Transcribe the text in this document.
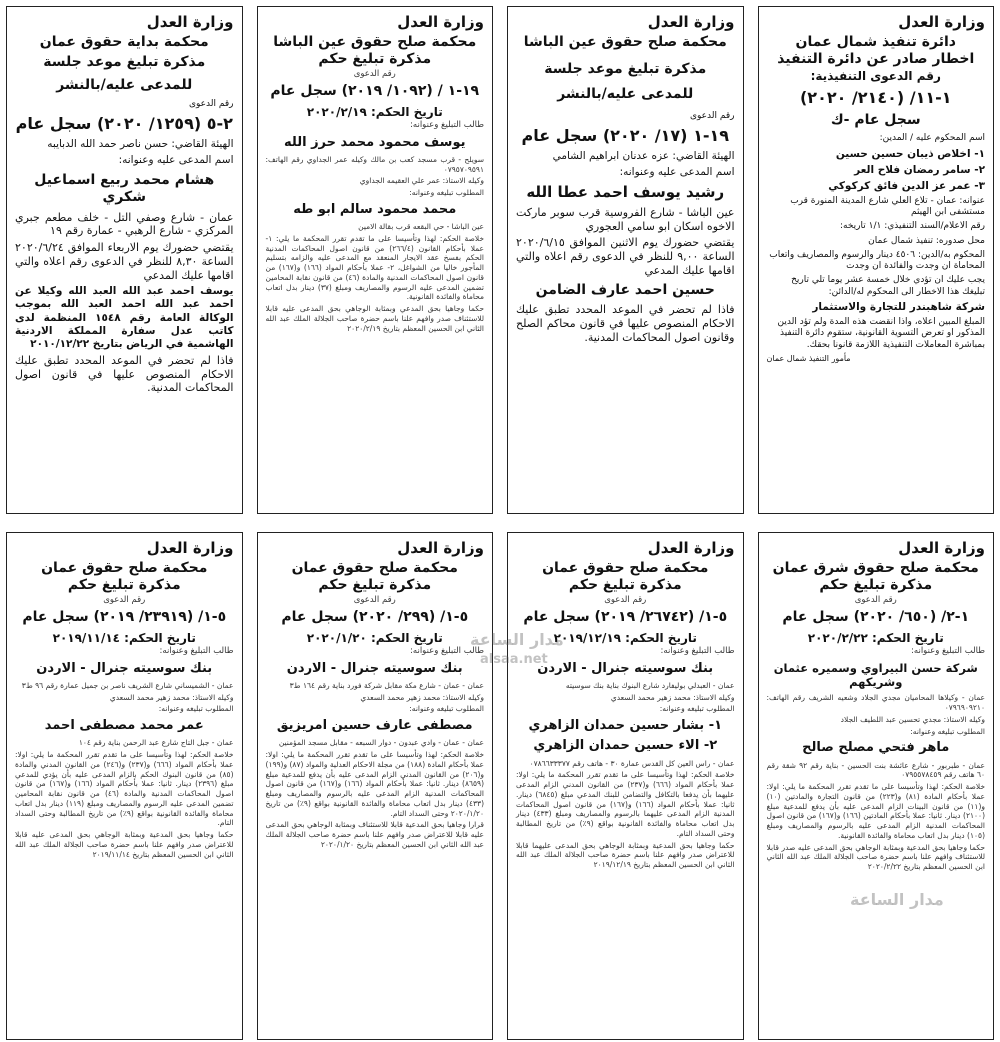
وزارة العدل
دائرة تنفيذ شمال عمان
اخطار صادر عن دائرة التنفيذ
رقم الدعوى التنفيذية:
١-١١/ (٢١٤٠/ ٢٠٢٠)
سجل عام -ك
اسم المحكوم عليه / المدين:
١- اخلاص ذيبان حسين حسين
٢- سامر رمضان فلاح العر
٣- عمر عز الدين فائق كركوكي
عنوانه: عمان - تلاع العلي شارع المدينة المنورة قرب مستشفى ابن الهيثم
رقم الاعلام/السند التنفيذي: ١/١ تاريخه:
محل صدوره: تنفيذ شمال عمان
المحكوم به/الدين: ٤٥٠٦ دينار والرسوم والمصاريف واتعاب المحاماة ان وجدت والفائدة ان وجدت
يجب عليك ان تؤدي خلال خمسة عشر يوما تلي تاريخ تبليغك هذا الاخطار الى المحكوم له/الدائن:
شركة شاهبندر للتجارة والاستثمار
المبلغ المبين اعلاه، واذا انقضت هذه المدة ولم تؤد الدين المذكور او تعرض التسوية القانونية، ستقوم دائرة التنفيذ بمباشرة المعاملات التنفيذية اللازمة قانونا بحقك.
مأمور التنفيذ شمال عمان
وزارة العدل
محكمة صلح حقوق عين الباشا
مذكرة تبليغ موعد جلسة للمدعى عليه/بالنشر
رقم الدعوى
١٩-١ (١٧/ ٢٠٢٠) سجل عام
الهيئة القاضي: عزه عدنان ابراهيم الشامي
اسم المدعى عليه وعنوانه:
رشيد يوسف احمد عطا الله
عين الباشا - شارع الفروسية قرب سوبر ماركت الاخوه اسكان ابو سامي العجوري
يقتضي حضورك يوم الاثنين الموافق ٢٠٢٠/٦/١٥ الساعة ٩,٠٠ للنظر في الدعوى رقم اعلاه والتي اقامها عليك المدعي
حسين احمد عارف الضامن
فاذا لم تحضر في الموعد المحدد تطبق عليك الاحكام المنصوص عليها في قانون محاكم الصلح وقانون اصول المحاكمات المدنية.
وزارة العدل
محكمة صلح حقوق عين الباشا
مذكرة تبليغ حكم
رقم الدعوى
١٩-١ / (١٠٩٢/ ٢٠١٩) سجل عام
تاريخ الحكم: ٢٠٢٠/٢/١٩
طالب التبليغ وعنوانه:
يوسف محمود محمد حرز الله
سويلح - قرب مسجد كعب بن مالك وكيله عمر الجداوي رقم الهاتف: ٠٧٩٥٧٠٩٥٩١
وكيله الاستاذ: عمر علي العقيمه الجداوي
المطلوب تبليغه وعنوانه:
محمد محمود سالم ابو طه
عين الباشا - حي البقعه قرب بقالة الامين
خلاصة الحكم: لهذا وتأسيسا على ما تقدم تقرر المحكمة ما يلي: ١- عملا بأحكام القانون (٢٦٦/٤) من قانون اصول المحاكمات المدنية الحكم بفسخ عقد الايجار المنعقد مع المدعى عليه والزامه بتسليم المأجور خاليا من الشواغل، ٢- عملا بأحكام المواد (١٦٦) و(١٦٧) من قانون اصول المحاكمات المدنية والمادة (٤٦) من قانون نقابة المحامين تضمين المدعى عليه الرسوم والمصاريف ومبلغ (٣٧) دينار بدل اتعاب محاماة والفائدة القانونية.
حكما وجاهيا بحق المدعي وبمثابة الوجاهي بحق المدعى عليه قابلا للاستئناف صدر وافهم علنا باسم حضرة صاحب الجلالة الملك عبد الله الثاني ابن الحسين المعظم بتاريخ ٢٠٢٠/٢/١٩
وزارة العدل
محكمة بداية حقوق عمان
مذكرة تبليغ موعد جلسة للمدعى عليه/بالنشر
رقم الدعوى
٢-٥ (١٢٥٩/ ٢٠٢٠) سجل عام
الهيئة القاضي: حسن ناصر حمد الله الدبايبه
اسم المدعى عليه وعنوانه:
هشام محمد ربيع اسماعيل شكري
عمان - شارع وصفي التل - خلف مطعم جبري المركزي - شارع الرهبي - عمارة رقم ١٩
يقتضي حضورك يوم الاربعاء الموافق ٢٠٢٠/٦/٢٤ الساعة ٨,٣٠ للنظر في الدعوى رقم اعلاه والتي اقامها عليك المدعي
يوسف احمد عبد الله العبد الله وكيلا عن احمد عبد الله احمد العبد الله بموجب الوكالة العامة رقم ١٥٤٨ المنظمة لدى كاتب عدل سفارة المملكة الاردنية الهاشمية في الرياض بتاريخ ٢٠١٠/١٢/٢٢
فاذا لم تحضر في الموعد المحدد تطبق عليك الاحكام المنصوص عليها في قانون اصول المحاكمات المدنية.
وزارة العدل
محكمة صلح حقوق شرق عمان
مذكرة تبليغ حكم
رقم الدعوى
١-٢/ (٦٥٠/ ٢٠٢٠) سجل عام
تاريخ الحكم: ٢٠٢٠/٢/٢٢
طالب التبليغ وعنوانه:
شركة حسن البيراوي وسميره عثمان وشريكهم
عمان - وكيلاها المحاميان مجدي الجلاد وشعيه الشريف رقم الهاتف: ٠٧٩٦٩٠٩٢١٠
وكيله الاستاذ: مجدي تحسين عبد اللطيف الجلاد
المطلوب تبليغه وعنوانه:
ماهر فتحي مصلح صالح
عمان - طبربور - شارع عائشة بنت الحسين - بناية رقم ٩٢ شقة رقم ٦٠ هاتف رقم ٠٧٩٥٥٧٨٤٥٩
خلاصة الحكم: لهذا وتأسيسا على ما تقدم تقرر المحكمة ما يلي: اولا: عملا بأحكام المادة (٨١) و(٢٢٣) من قانون التجارة والمادتين (١٠) و(١١) من قانون البينات الزام المدعى عليه بأن يدفع للمدعية مبلغ (٢١٠٠) دينار. ثانيا: عملا بأحكام المادتين (١٦٦) و(١٦٧) من قانون اصول المحاكمات المدنية الزام المدعى عليه بالرسوم والمصاريف ومبلغ (١٠٥) دينار بدل اتعاب محاماة والفائدة القانونية.
حكما وجاهيا بحق المدعية وبمثابة الوجاهي بحق المدعى عليه صدر قابلا للاستئناف وافهم علنا باسم حضرة صاحب الجلالة الملك عبد الله الثاني ابن الحسين المعظم بتاريخ ٢٠٢٠/٢/٢٢
وزارة العدل
محكمة صلح حقوق عمان
مذكرة تبليغ حكم
رقم الدعوى
٥-١/ (٢٦٧٤٢/ ٢٠١٩) سجل عام
تاريخ الحكم: ٢٠١٩/١٢/١٩
طالب التبليغ وعنوانه:
بنك سوسيته جنرال - الاردن
عمان - العبدلي بوليفارد شارع البنوك بناية بنك سوسيته
وكيله الاستاذ: محمد زهير محمد السعدي
المطلوب تبليغه وعنوانه:
١- بشار حسين حمدان الزاهري
٢- الاء حسين حمدان الزاهري
عمان - راس العين كل القدس عمارة ٣٠ - هاتف رقم ٠٧٨٦٦٣٣٣٧٧
خلاصة الحكم: لهذا وتأسيسا على ما تقدم تقرر المحكمة ما يلي: اولا: عملا بأحكام المواد (٦٦٦) و(٢٣٧) من القانون المدني الزام المدعى عليهما بأن يدفعا بالتكافل والتضامن للبنك المدعي مبلغ (٦٨٤٥) دينار. ثانيا: عملا بأحكام المواد (١٦٦) و(١٦٧) من قانون اصول المحاكمات المدنية الزام المدعى عليهما بالرسوم والمصاريف ومبلغ (٤٣٣) دينار بدل اتعاب محاماة والفائدة القانونية بواقع (٩٪) من تاريخ المطالبة وحتى السداد التام.
حكما وجاهيا بحق المدعية وبمثابة الوجاهي بحق المدعى عليهما قابلا للاعتراض صدر وافهم علنا باسم حضرة صاحب الجلالة الملك عبد الله الثاني ابن الحسين المعظم بتاريخ ٢٠١٩/١٢/١٩
وزارة العدل
محكمة صلح حقوق عمان
مذكرة تبليغ حكم
رقم الدعوى
٥-١/ (٢٩٩/ ٢٠٢٠) سجل عام
تاريخ الحكم: ٢٠٢٠/١/٢٠
طالب التبليغ وعنوانه:
بنك سوسيته جنرال - الاردن
عمان - عمان - شارع مكة مقابل شركة فورد بناية رقم ١٦٤ ط٣
وكيله الاستاذ: محمد زهير محمد السعدي
المطلوب تبليغه وعنوانه:
مصطفى عارف حسين امريزيق
عمان - عمان - وادي عبدون - دوار السبعه - مقابل مسجد المؤمنين
خلاصة الحكم: لهذا وتأسيسا على ما تقدم تقرر المحكمة ما يلي: اولا: عملا بأحكام المادة (١٨٨) من مجلة الاحكام العدلية والمواد (٨٧) و(١٩٩) و(٢٠٦) من القانون المدني الزام المدعى عليه بأن يدفع للمدعية مبلغ (٨٦٥٩) دينار. ثانيا: عملا بأحكام المواد (١٦٦) و(١٦٧) من قانون اصول المحاكمات المدنية الزام المدعى عليه بالرسوم والمصاريف ومبلغ (٤٣٣) دينار بدل اتعاب محاماة والفائدة القانونية بواقع (٩٪) من تاريخ ٢٠٢٠/١/٢٠ وحتى السداد التام.
قرارا وجاهيا بحق المدعية قابلا للاستئناف وبمثابة الوجاهي بحق المدعى عليه قابلا للاعتراض صدر وافهم علنا باسم حضرة صاحب الجلالة الملك عبد الله الثاني ابن الحسين المعظم بتاريخ ٢٠٢٠/١/٢٠
وزارة العدل
محكمة صلح حقوق عمان
مذكرة تبليغ حكم
رقم الدعوى
٥-١/ (٢٣٩١٩/ ٢٠١٩) سجل عام
تاريخ الحكم: ٢٠١٩/١١/١٤
طالب التبليغ وعنوانه:
بنك سوسيته جنرال - الاردن
عمان - الشميساني شارع الشريف ناصر بن جميل عمارة رقم ٩٦ ط٣
وكيله الاستاذ: محمد زهير محمد السعدي
المطلوب تبليغه وعنوانه:
عمر محمد مصطفى احمد
عمان - جبل التاج شارع عبد الرحمن بناية رقم ١٠٤
خلاصة الحكم: لهذا وتأسيسا على ما تقدم تقرر المحكمة ما يلي: اولا: عملا بأحكام المواد (٦٦٦) و(٢٣٧) و(٢٤٦) من القانون المدني والمادة (٨٥) من قانون البنوك الحكم بالزام المدعى عليه بأن يؤدي للمدعي مبلغ (٢٣٩٦) دينار. ثانيا: عملا بأحكام المواد (١٦٦) و(١٦٧) من قانون اصول المحاكمات المدنية والمادة (٤٦) من قانون نقابة المحامين تضمين المدعى عليه الرسوم والمصاريف ومبلغ (١١٩) دينار بدل اتعاب محاماة والفائدة القانونية بواقع (٩٪) من تاريخ المطالبة وحتى السداد التام.
حكما وجاهيا بحق المدعية وبمثابة الوجاهي بحق المدعى عليه قابلا للاعتراض صدر وافهم علنا باسم حضرة صاحب الجلالة الملك عبد الله الثاني ابن الحسين المعظم بتاريخ ٢٠١٩/١١/١٤
مدار الساعة
alsaa.net
مدار الساعة
